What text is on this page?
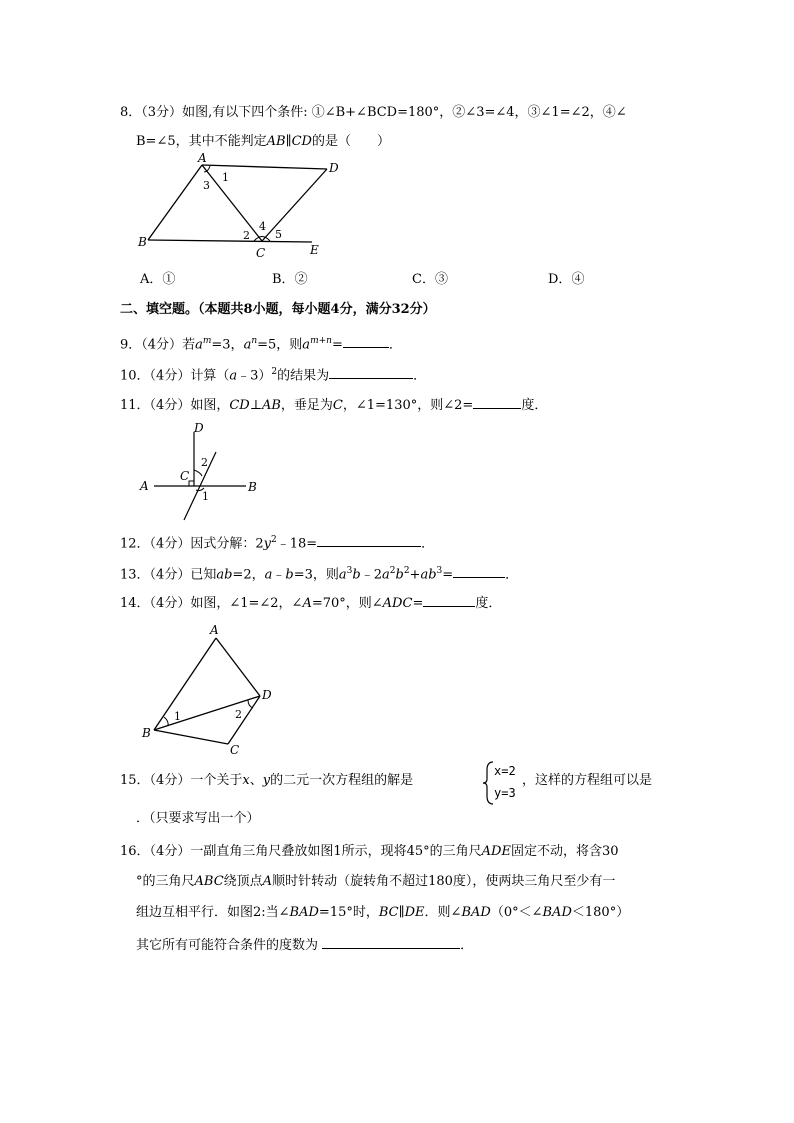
8．（3分）如图,有以下四个条件: ①∠B+∠BCD=180°，②∠3=∠4，③∠1=∠2，④∠
B=∠5，其中不能判定AB∥CD的是（　　）
A
D
B
C	E
1
3
2
4
5
A．①	B．②	C．③	D．④
二、填空题。（本题共8小题，每小题4分，满分32分）
9．（4分）若$a^m=3$，$a^n=5$，则$a^{m+n}=$	．
10．（4分）计算（a﹣3）$^2$的结果为	．
11．（4分）如图，CD⊥AB，垂足为C，∠1=130°，则∠2=	度．
D
A	B
C
2
1
12．（4分）因式分解：$2y^2﹣18=$	．
13．（4分）已知ab=2，a﹣b=3，则$a^3b﹣2a^2b^2+ab^3=$	．
14．（4分）如图，∠1=∠2，∠A=70°，则∠ADC=	度．
A
D
B
C
1	2
15．（4分）一个关于x、y的二元一次方程组的解是
x=2
y=3
，这样的方程组可以是
．（只要求写出一个）
16．（4分）一副直角三角尺叠放如图1所示，现将45°的三角尺ADE固定不动，将含30
°的三角尺ABC绕顶点A顺时针转动（旋转角不超过180度），使两块三角尺至少有一
组边互相平行．如图2:当∠BAD=15°时，BC∥DE．则∠BAD（0°＜∠BAD＜180°）
其它所有可能符合条件的度数为	．
